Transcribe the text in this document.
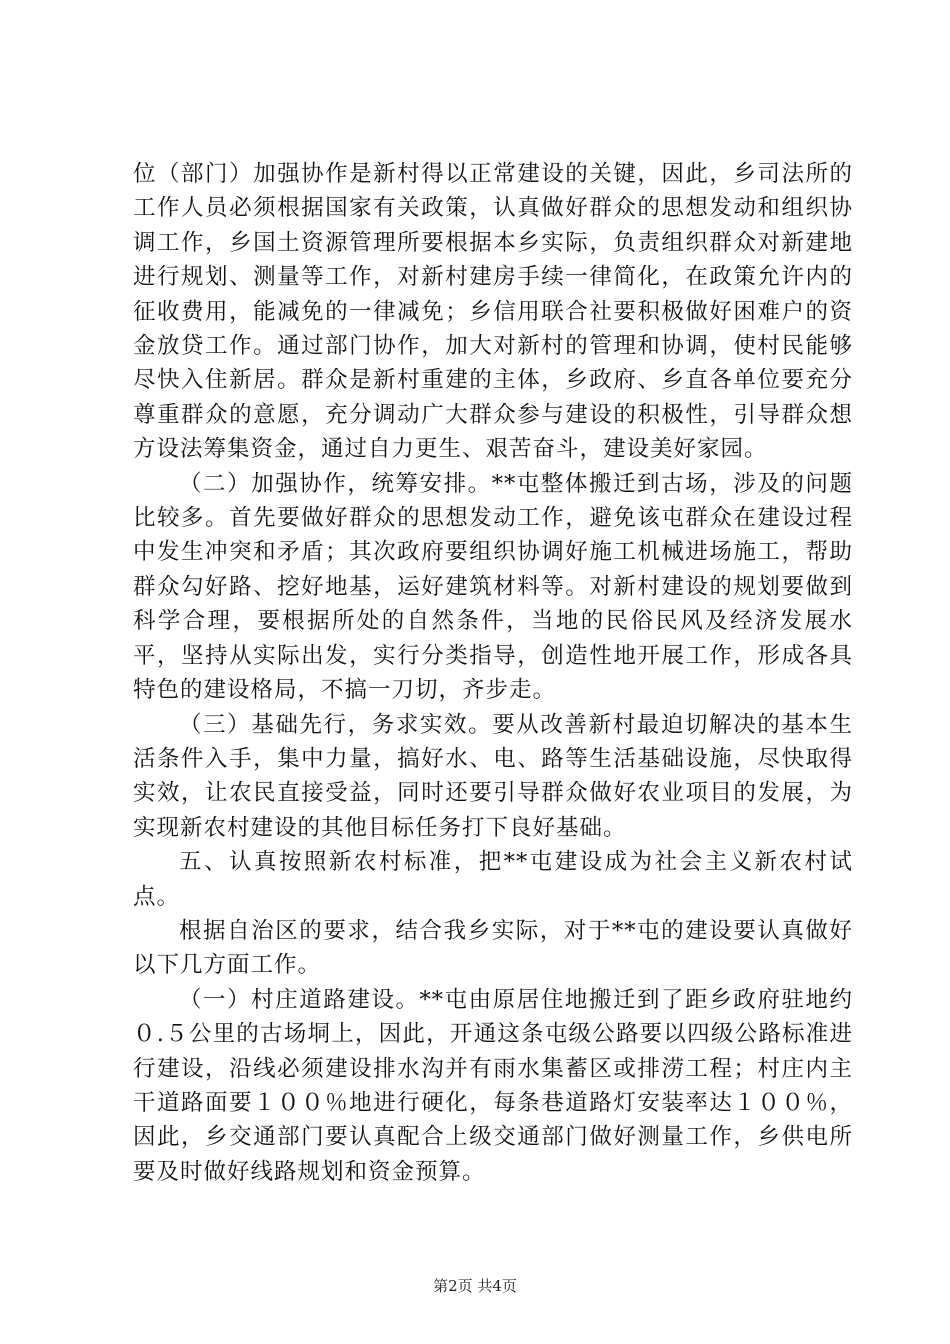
位（部门）加强协作是新村得以正常建设的关键，因此，乡司法所的工作人员必须根据国家有关政策，认真做好群众的思想发动和组织协调工作，乡国土资源管理所要根据本乡实际，负责组织群众对新建地进行规划、测量等工作，对新村建房手续一律简化，在政策允许内的征收费用，能减免的一律减免；乡信用联合社要积极做好困难户的资金放贷工作。通过部门协作，加大对新村的管理和协调，使村民能够尽快入住新居。群众是新村重建的主体，乡政府、乡直各单位要充分尊重群众的意愿，充分调动广大群众参与建设的积极性，引导群众想方设法筹集资金，通过自力更生、艰苦奋斗，建设美好家园。

（二）加强协作，统筹安排。**屯整体搬迁到古场，涉及的问题比较多。首先要做好群众的思想发动工作，避免该屯群众在建设过程中发生冲突和矛盾；其次政府要组织协调好施工机械进场施工，帮助群众勾好路、挖好地基，运好建筑材料等。对新村建设的规划要做到科学合理，要根据所处的自然条件，当地的民俗民风及经济发展水平，坚持从实际出发，实行分类指导，创造性地开展工作，形成各具特色的建设格局，不搞一刀切，齐步走。

（三）基础先行，务求实效。要从改善新村最迫切解决的基本生活条件入手，集中力量，搞好水、电、路等生活基础设施，尽快取得实效，让农民直接受益，同时还要引导群众做好农业项目的发展，为实现新农村建设的其他目标任务打下良好基础。

五、认真按照新农村标准，把**屯建设成为社会主义新农村试点。

根据自治区的要求，结合我乡实际，对于**屯的建设要认真做好以下几方面工作。

（一）村庄道路建设。**屯由原居住地搬迁到了距乡政府驻地约０.５公里的古场垌上，因此，开通这条屯级公路要以四级公路标准进行建设，沿线必须建设排水沟并有雨水集蓄区或排涝工程；村庄内主干道路面要１００％地进行硬化，每条巷道路灯安装率达１００％，因此，乡交通部门要认真配合上级交通部门做好测量工作，乡供电所要及时做好线路规划和资金预算。

第2页 共4页
